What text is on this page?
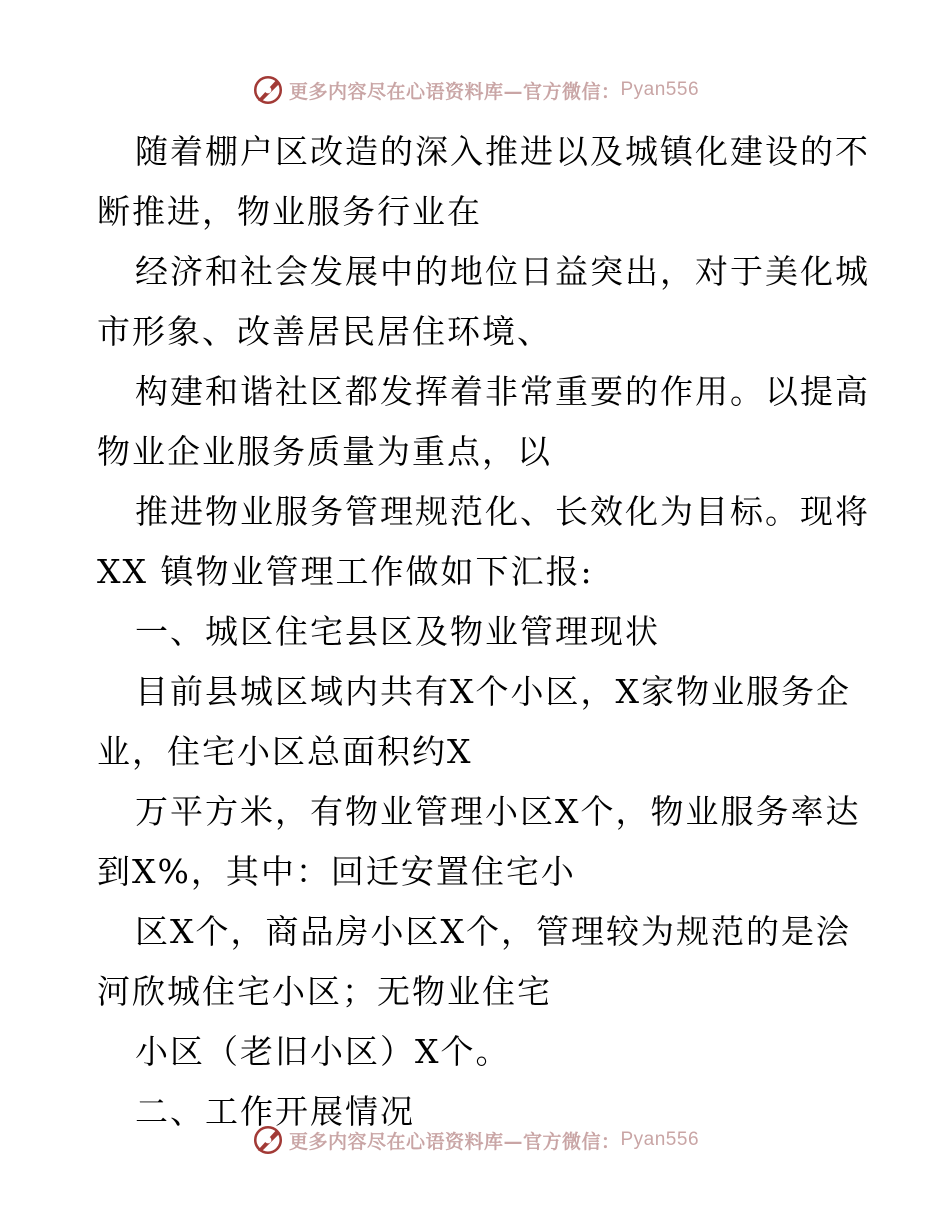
更多内容尽在心语资料库—官方微信： Pyan556

随着棚户区改造的深入推进以及城镇化建设的不

断推进，物业服务行业在

经济和社会发展中的地位日益突出，对于美化城

市形象、改善居民居住环境、

构建和谐社区都发挥着非常重要的作用。以提高

物业企业服务质量为重点，以

推进物业服务管理规范化、长效化为目标。现将

XX 镇物业管理工作做如下汇报:

一、城区住宅县区及物业管理现状

目前县城区域内共有X个小区，X家物业服务企

业，住宅小区总面积约X

万平方米，有物业管理小区X个，物业服务率达

到X%，其中：回迁安置住宅小

区X个，商品房小区X个，管理较为规范的是浍

河欣城住宅小区；无物业住宅

小区（老旧小区）X个。

二、工作开展情况

更多内容尽在心语资料库—官方微信： Pyan556
